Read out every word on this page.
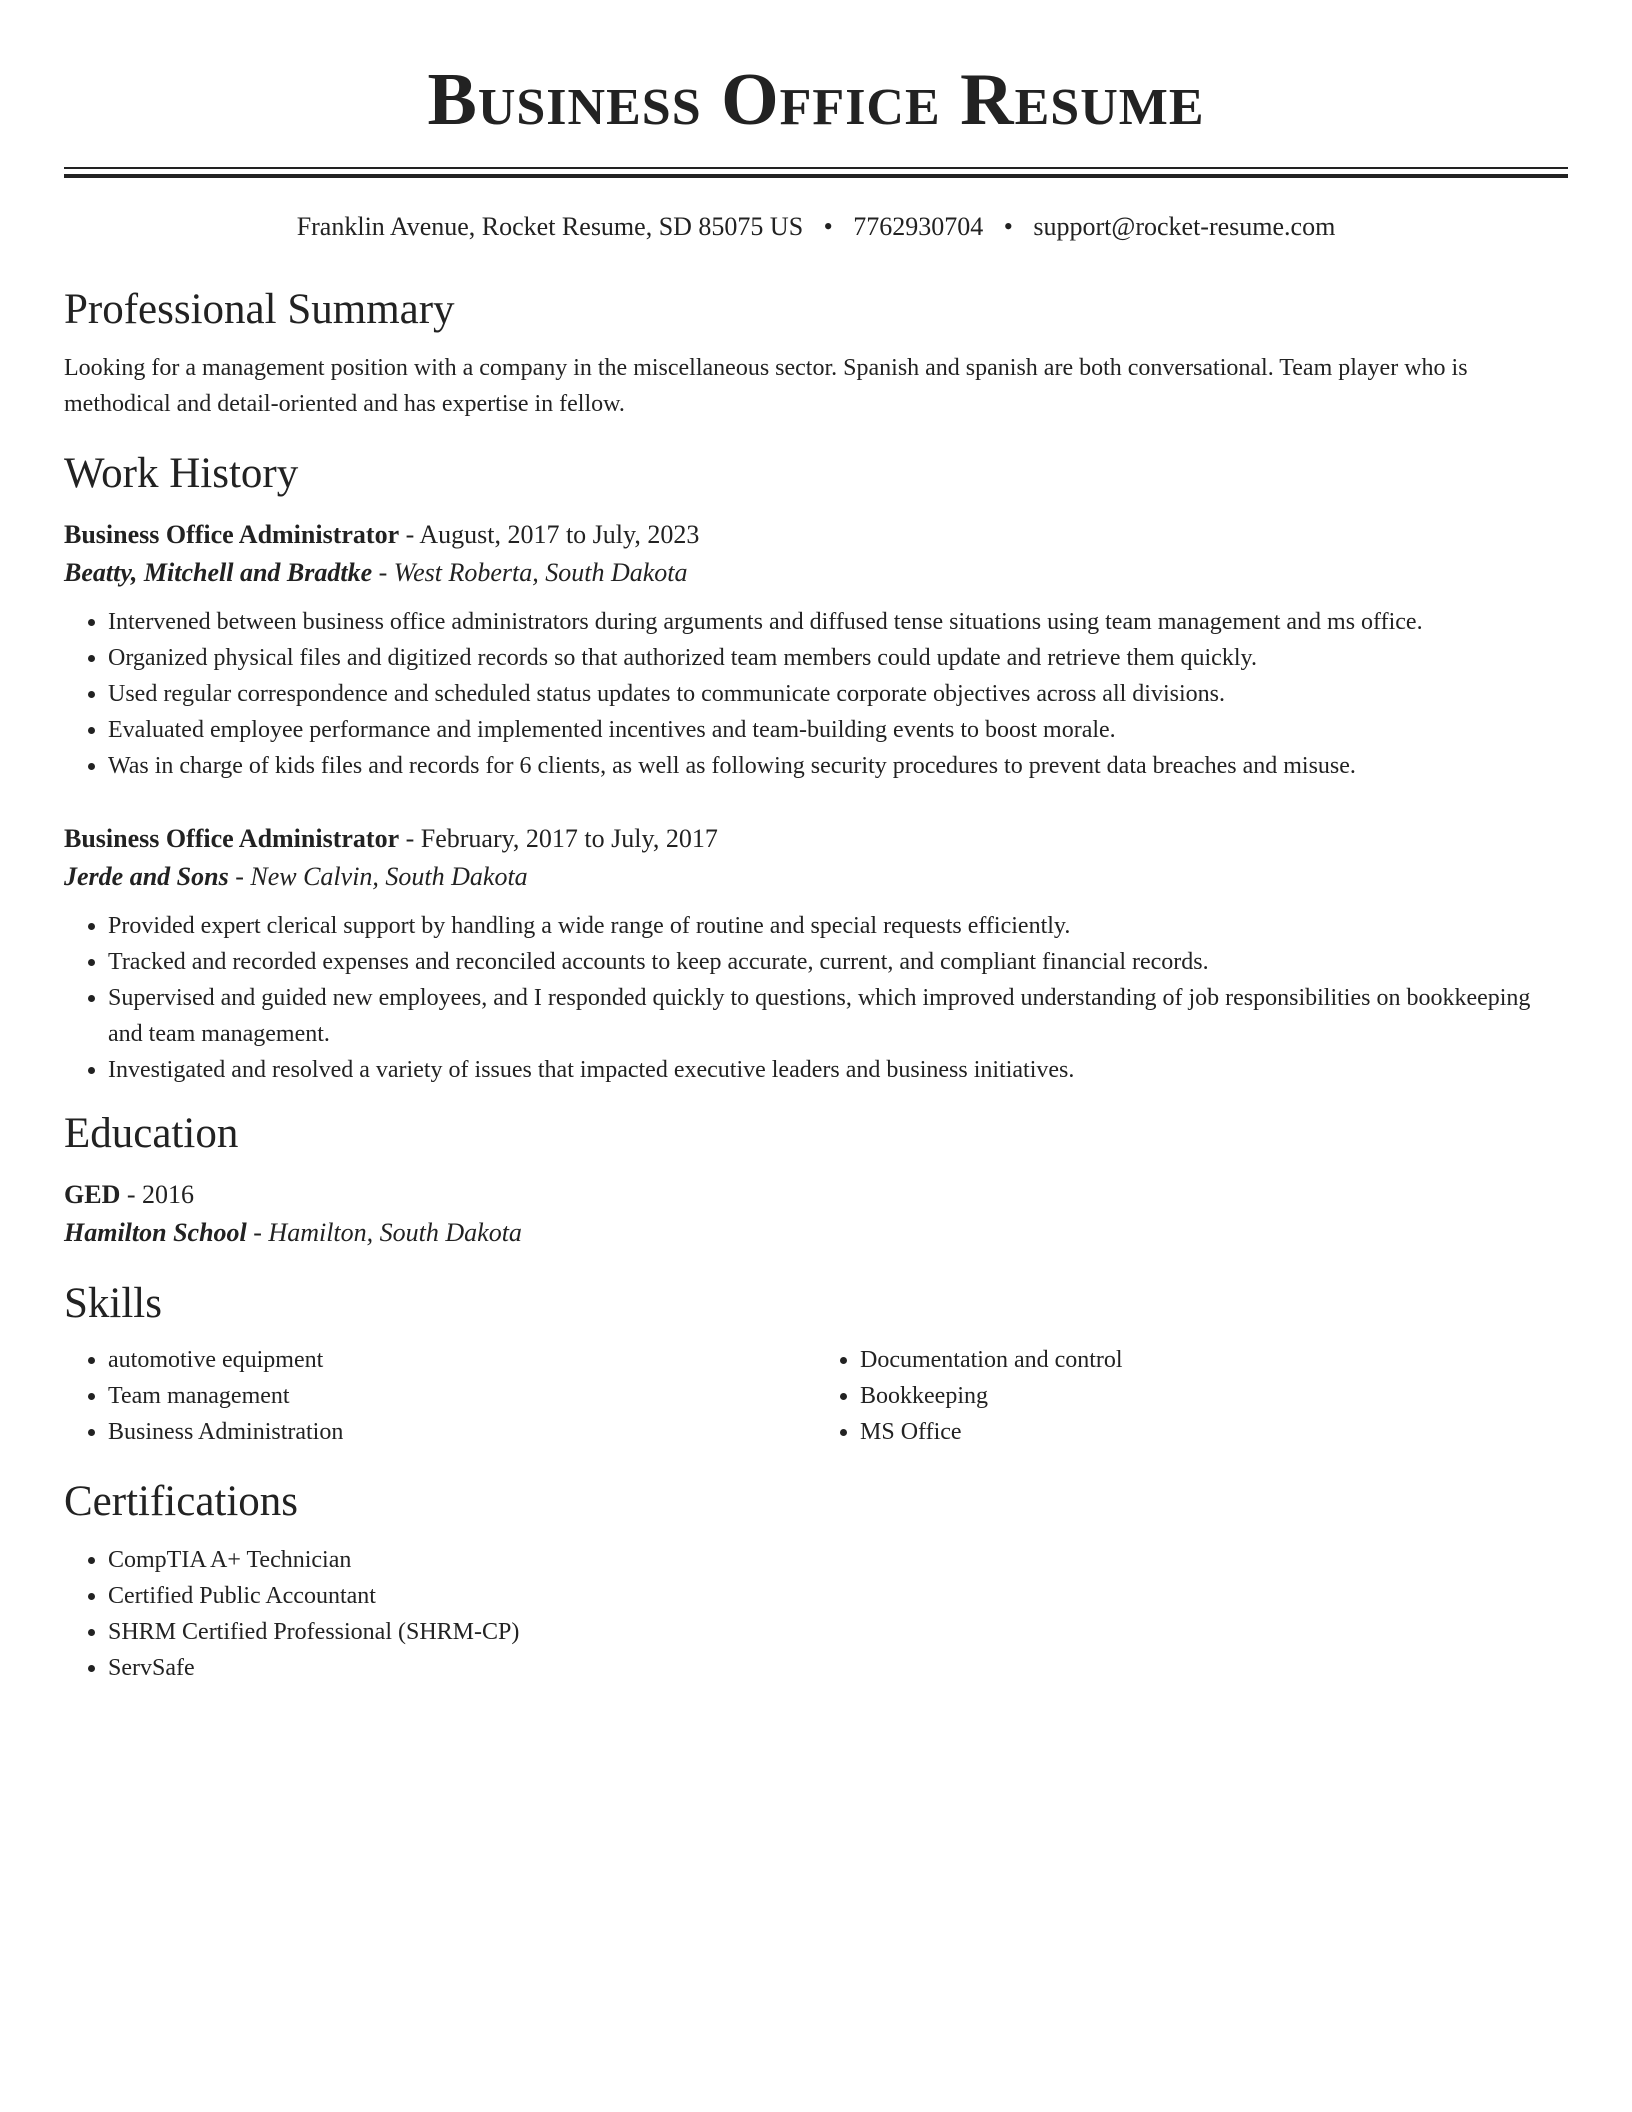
Business Office Resume
Franklin Avenue, Rocket Resume, SD 85075 US • 7762930704 • support@rocket-resume.com
Professional Summary

Looking for a management position with a company in the miscellaneous sector. Spanish and spanish are both conversational. Team player who is methodical and detail-oriented and has expertise in fellow.

Work History
Business Office Administrator - August, 2017 to July, 2023
Beatty, Mitchell and Bradtke - West Roberta, South Dakota
• Intervened between business office administrators during arguments and diffused tense situations using team management and ms office.
• Organized physical files and digitized records so that authorized team members could update and retrieve them quickly.
• Used regular correspondence and scheduled status updates to communicate corporate objectives across all divisions.
• Evaluated employee performance and implemented incentives and team-building events to boost morale.
• Was in charge of kids files and records for 6 clients, as well as following security procedures to prevent data breaches and misuse.
Business Office Administrator - February, 2017 to July, 2017
Jerde and Sons - New Calvin, South Dakota
• Provided expert clerical support by handling a wide range of routine and special requests efficiently.
• Tracked and recorded expenses and reconciled accounts to keep accurate, current, and compliant financial records.
• Supervised and guided new employees, and I responded quickly to questions, which improved understanding of job responsibilities on bookkeeping and team management.
• Investigated and resolved a variety of issues that impacted executive leaders and business initiatives.
Education
GED - 2016
Hamilton School - Hamilton, South Dakota
Skills
• automotive equipment
• Team management
• Business Administration
• Documentation and control
• Bookkeeping
• MS Office
Certifications
• CompTIA A+ Technician
• Certified Public Accountant
• SHRM Certified Professional (SHRM-CP)
• ServSafe
